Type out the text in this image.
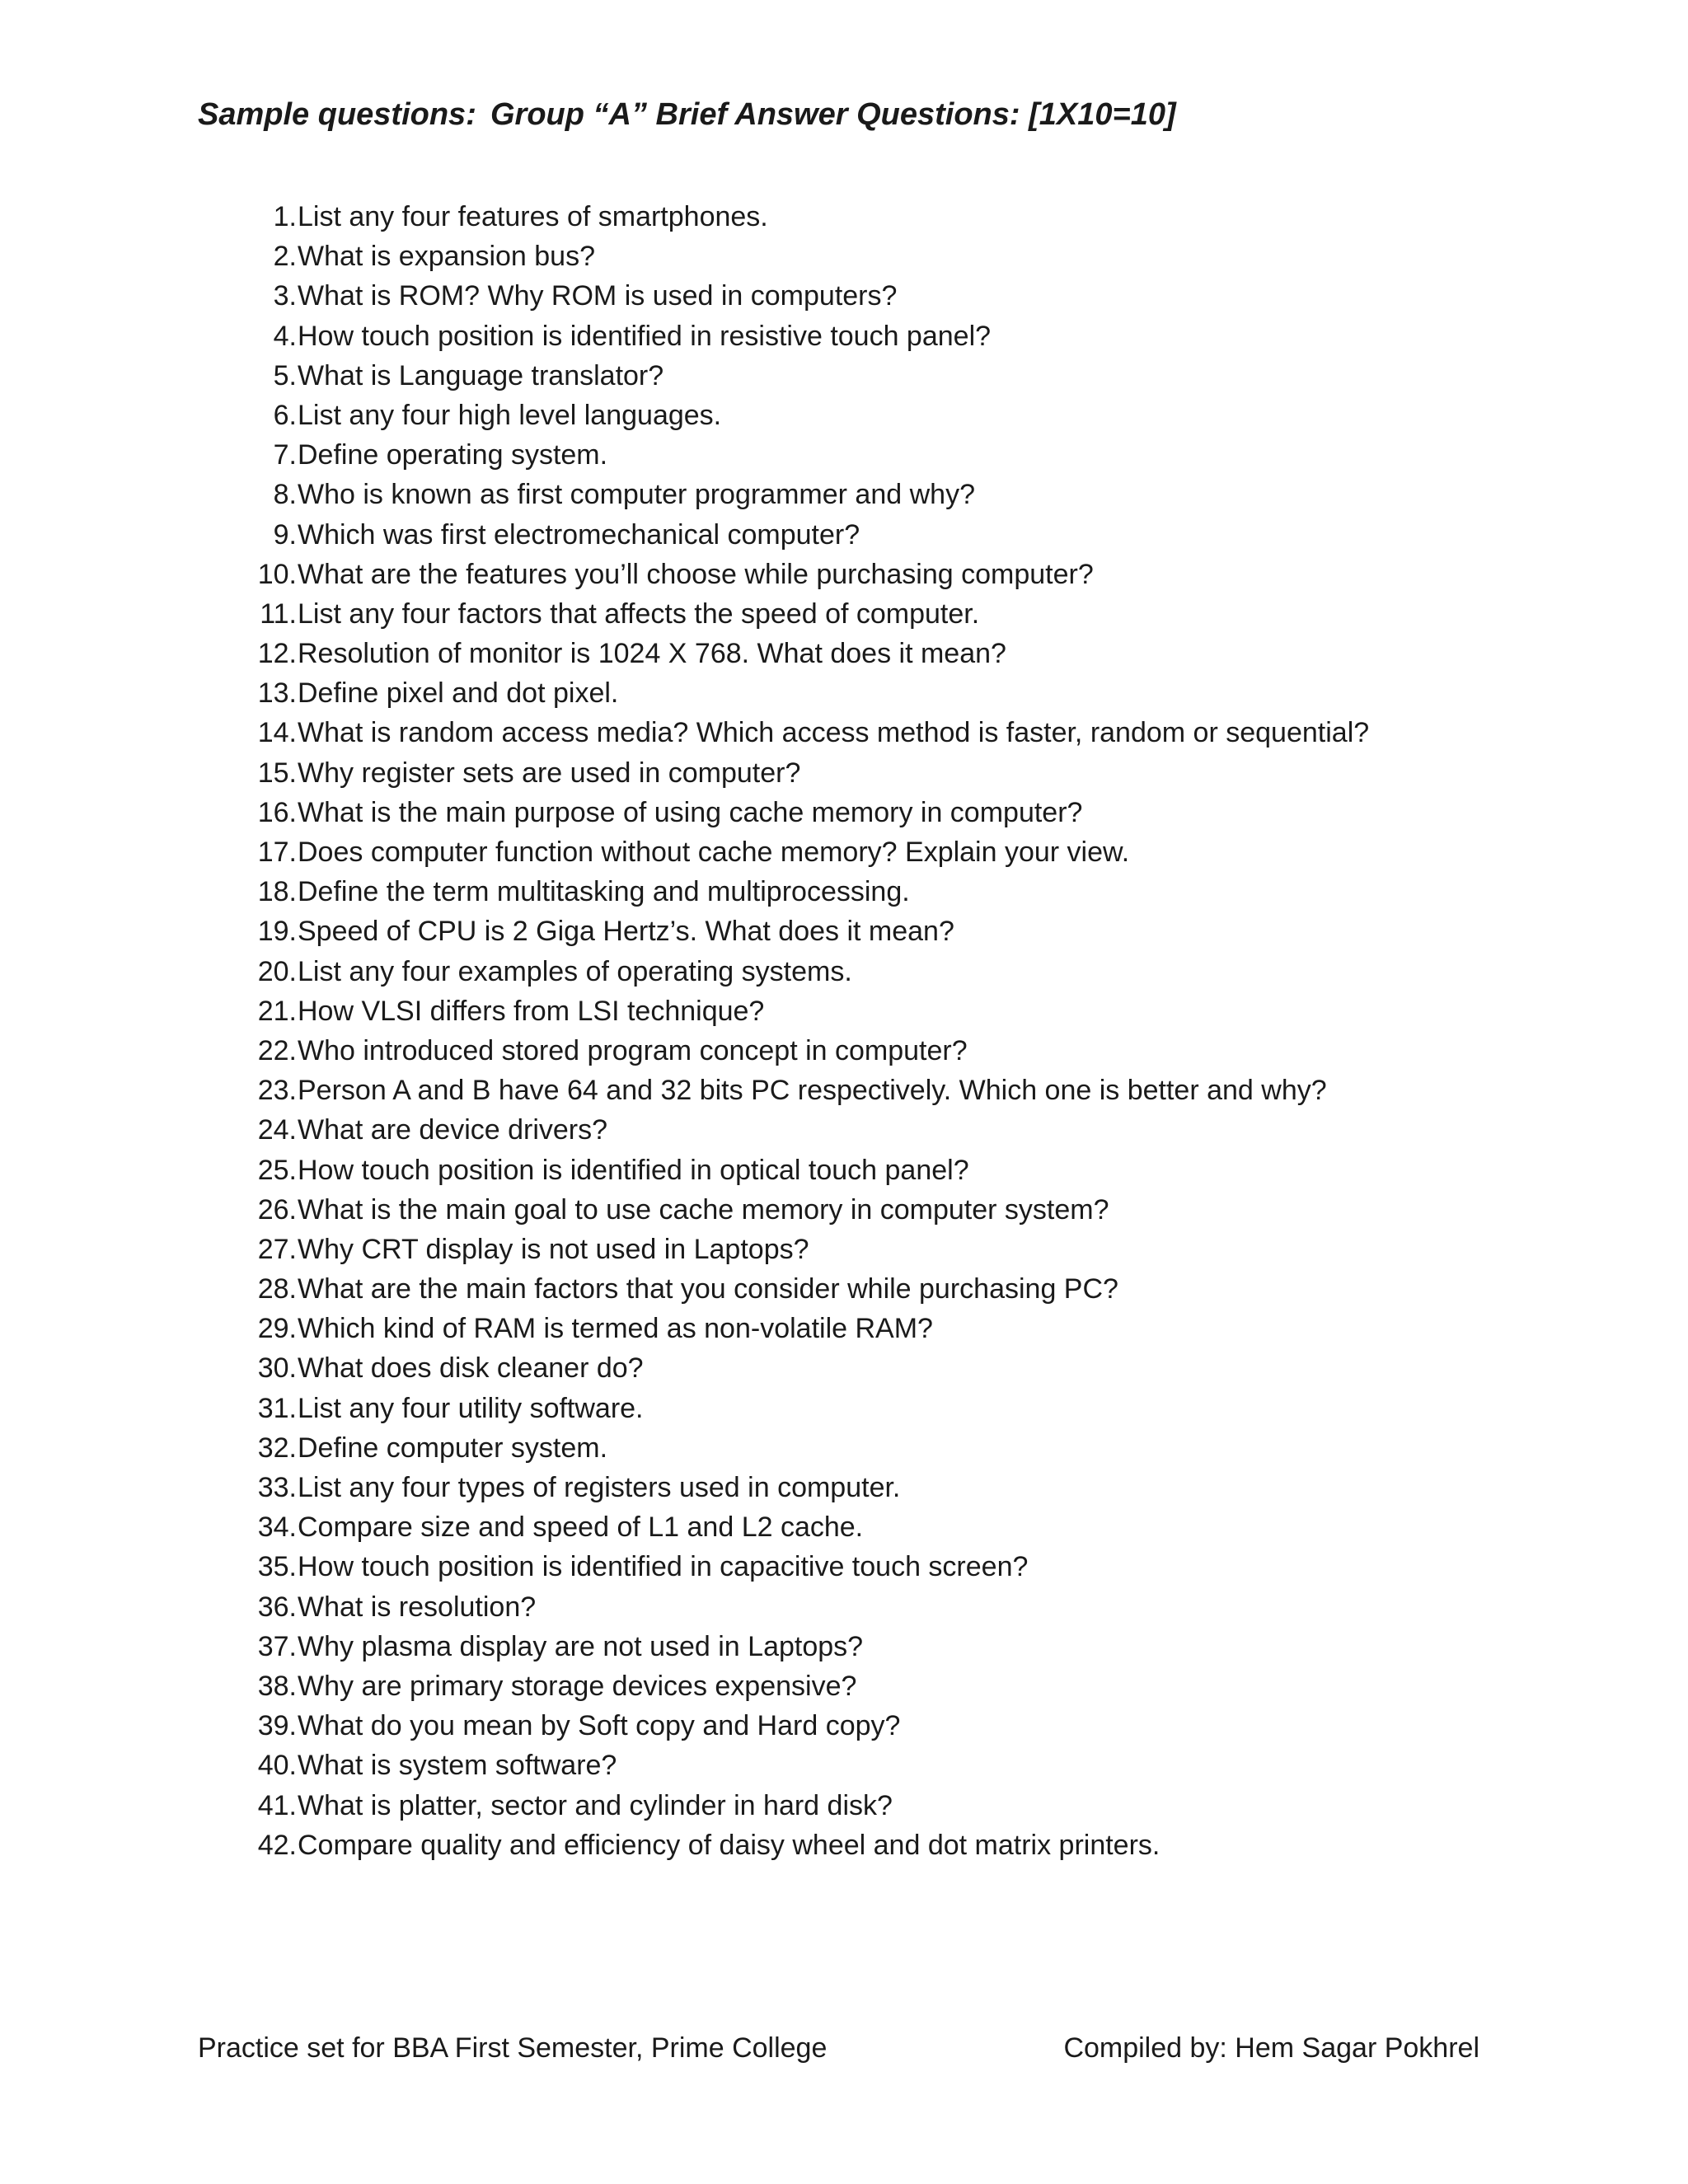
Sample questions: Group “A” Brief Answer Questions: [1X10=10]
1. List any four features of smartphones.
2. What is expansion bus?
3. What is ROM? Why ROM is used in computers?
4. How touch position is identified in resistive touch panel?
5. What is Language translator?
6. List any four high level languages.
7. Define operating system.
8. Who is known as first computer programmer and why?
9. Which was first electromechanical computer?
10. What are the features you’ll choose while purchasing computer?
11. List any four factors that affects the speed of computer.
12. Resolution of monitor is 1024 X 768. What does it mean?
13. Define pixel and dot pixel.
14. What is random access media? Which access method is faster, random or sequential?
15. Why register sets are used in computer?
16. What is the main purpose of using cache memory in computer?
17. Does computer function without cache memory? Explain your view.
18. Define the term multitasking and multiprocessing.
19. Speed of CPU is 2 Giga Hertz’s. What does it mean?
20. List any four examples of operating systems.
21. How VLSI differs from LSI technique?
22. Who introduced stored program concept in computer?
23. Person A and B have 64 and 32 bits PC respectively. Which one is better and why?
24. What are device drivers?
25. How touch position is identified in optical touch panel?
26. What is the main goal to use cache memory in computer system?
27. Why CRT display is not used in Laptops?
28. What are the main factors that you consider while purchasing PC?
29. Which kind of RAM is termed as non-volatile RAM?
30. What does disk cleaner do?
31. List any four utility software.
32. Define computer system.
33. List any four types of registers used in computer.
34. Compare size and speed of L1 and L2 cache.
35. How touch position is identified in capacitive touch screen?
36. What is resolution?
37. Why plasma display are not used in Laptops?
38. Why are primary storage devices expensive?
39. What do you mean by Soft copy and Hard copy?
40. What is system software?
41. What is platter, sector and cylinder in hard disk?
42. Compare quality and efficiency of daisy wheel and dot matrix printers.
Practice set for BBA First Semester, Prime College	Compiled by: Hem Sagar Pokhrel
